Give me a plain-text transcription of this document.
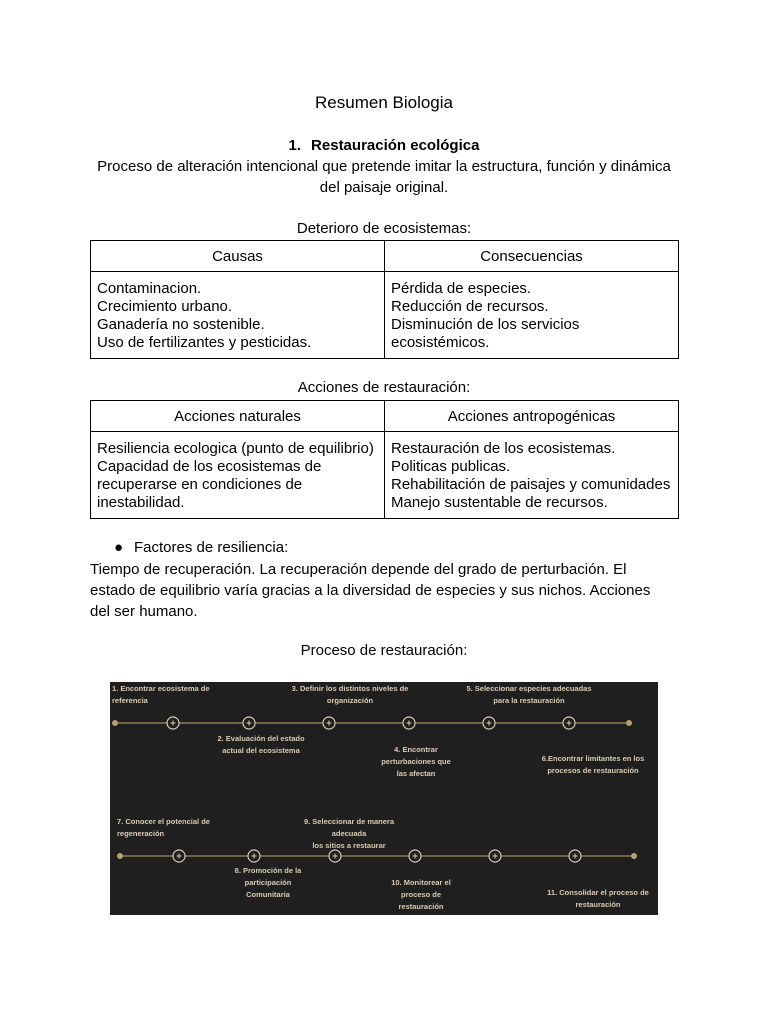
Resumen Biologia
1. Restauración ecológica
Proceso de alteración intencional que pretende imitar la estructura, función y dinámica del paisaje original.
Deterioro de ecosistemas:
Causas	Consecuencias

Contaminacion.
Crecimiento urbano.
Ganadería no sostenible.
Uso de fertilizantes y pesticidas.	Pérdida de especies.
Reducción de recursos.
Disminución de los servicios
ecosistémicos.
Acciones de restauración:
Acciones naturales	Acciones antropogénicas

Resiliencia ecologica (punto de equilibrio)
Capacidad de los ecosistemas de
recuperarse en condiciones de
inestabilidad.	Restauración de los ecosistemas.
Politicas publicas.
Rehabilitación de paisajes y comunidades
Manejo sustentable de recursos.
● Factores de resiliencia:
Tiempo de recuperación. La recuperación depende del grado de perturbación. El estado de equilibrio varía gracias a la diversidad de especies y sus nichos. Acciones del ser humano.
Proceso de restauración:
1. Encontrar ecosistema de
referencia
2. Evaluación del estado
actual del ecosistema
3. Definir los distintos niveles de
organización
4. Encontrar
perturbaciones que
las afectan
5. Seleccionar especies adecuadas
para la restauración
6.Encontrar limitantes en los
procesos de restauración
7. Conocer el potencial de
regeneración
8. Promoción de la
participación
Comunitaria
9. Seleccionar de manera
adecuada
los sitios a restaurar
10. Monitorear el
proceso de
restauración
11. Consolidar el proceso de
restauración
